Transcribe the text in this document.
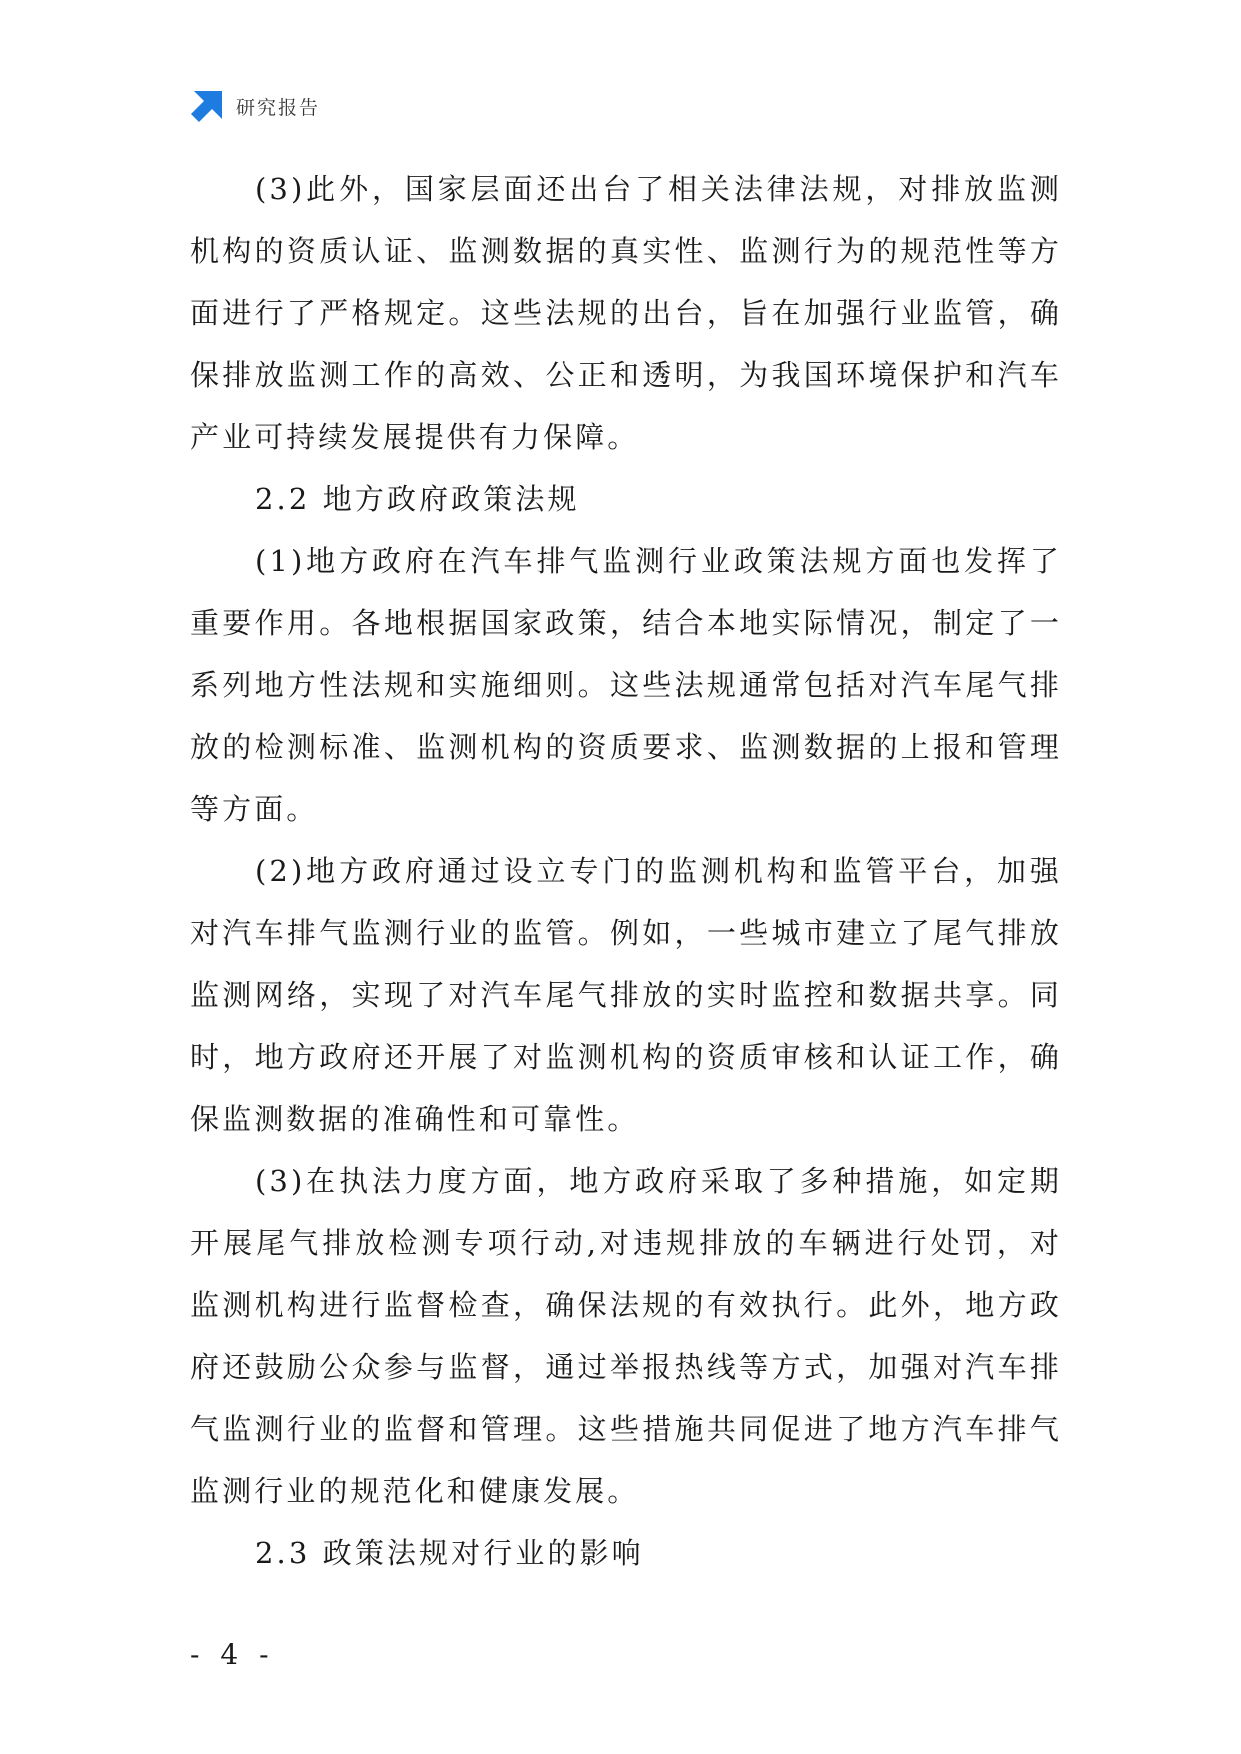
研究报告

(3)此外，国家层面还出台了相关法律法规，对排放监测机构的资质认证、监测数据的真实性、监测行为的规范性等方面进行了严格规定。这些法规的出台，旨在加强行业监管，确保排放监测工作的高效、公正和透明，为我国环境保护和汽车产业可持续发展提供有力保障。

2.2 地方政府政策法规

(1)地方政府在汽车排气监测行业政策法规方面也发挥了重要作用。各地根据国家政策，结合本地实际情况，制定了一系列地方性法规和实施细则。这些法规通常包括对汽车尾气排放的检测标准、监测机构的资质要求、监测数据的上报和管理等方面。

(2)地方政府通过设立专门的监测机构和监管平台，加强对汽车排气监测行业的监管。例如，一些城市建立了尾气排放监测网络，实现了对汽车尾气排放的实时监控和数据共享。同时，地方政府还开展了对监测机构的资质审核和认证工作，确保监测数据的准确性和可靠性。

(3)在执法力度方面，地方政府采取了多种措施，如定期开展尾气排放检测专项行动,对违规排放的车辆进行处罚，对监测机构进行监督检查，确保法规的有效执行。此外，地方政府还鼓励公众参与监督，通过举报热线等方式，加强对汽车排气监测行业的监督和管理。这些措施共同促进了地方汽车排气监测行业的规范化和健康发展。

2.3 政策法规对行业的影响

- 4 -
